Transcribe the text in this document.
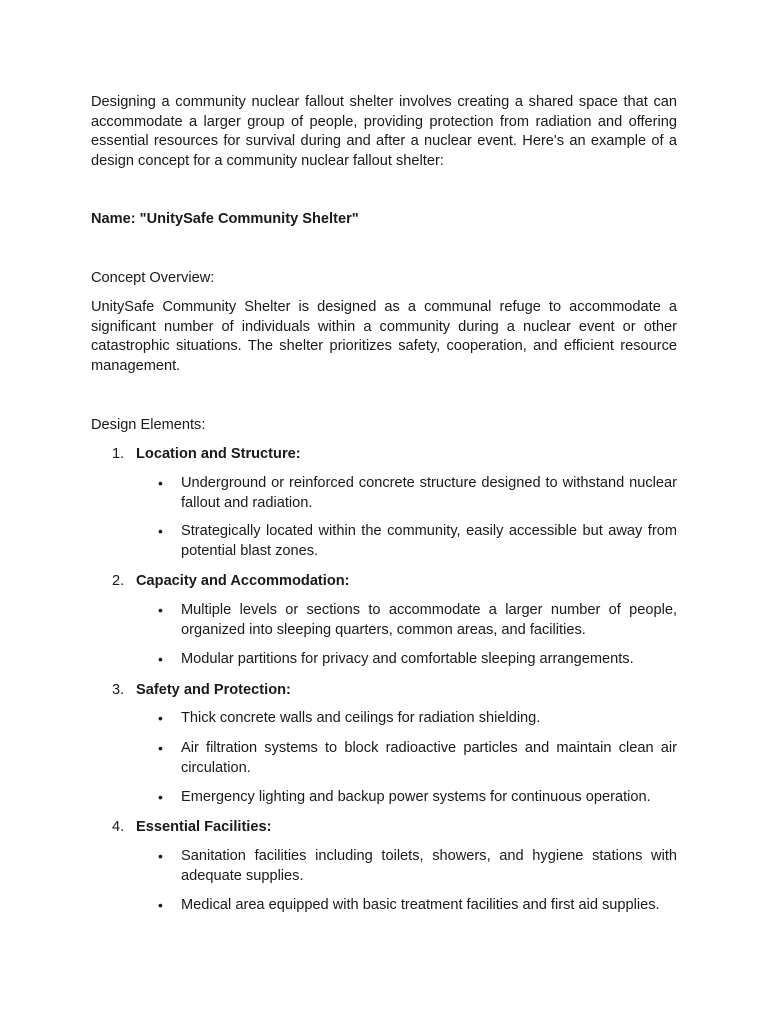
Designing a community nuclear fallout shelter involves creating a shared space that can accommodate a larger group of people, providing protection from radiation and offering essential resources for survival during and after a nuclear event. Here's an example of a design concept for a community nuclear fallout shelter:

Name: "UnitySafe Community Shelter"

Concept Overview:

UnitySafe Community Shelter is designed as a communal refuge to accommodate a significant number of individuals within a community during a nuclear event or other catastrophic situations. The shelter prioritizes safety, cooperation, and efficient resource management.

Design Elements:

1. Location and Structure:
• Underground or reinforced concrete structure designed to withstand nuclear fallout and radiation.
• Strategically located within the community, easily accessible but away from potential blast zones.
2. Capacity and Accommodation:
• Multiple levels or sections to accommodate a larger number of people, organized into sleeping quarters, common areas, and facilities.
• Modular partitions for privacy and comfortable sleeping arrangements.
3. Safety and Protection:
• Thick concrete walls and ceilings for radiation shielding.
• Air filtration systems to block radioactive particles and maintain clean air circulation.
• Emergency lighting and backup power systems for continuous operation.
4. Essential Facilities:
• Sanitation facilities including toilets, showers, and hygiene stations with adequate supplies.
• Medical area equipped with basic treatment facilities and first aid supplies.
